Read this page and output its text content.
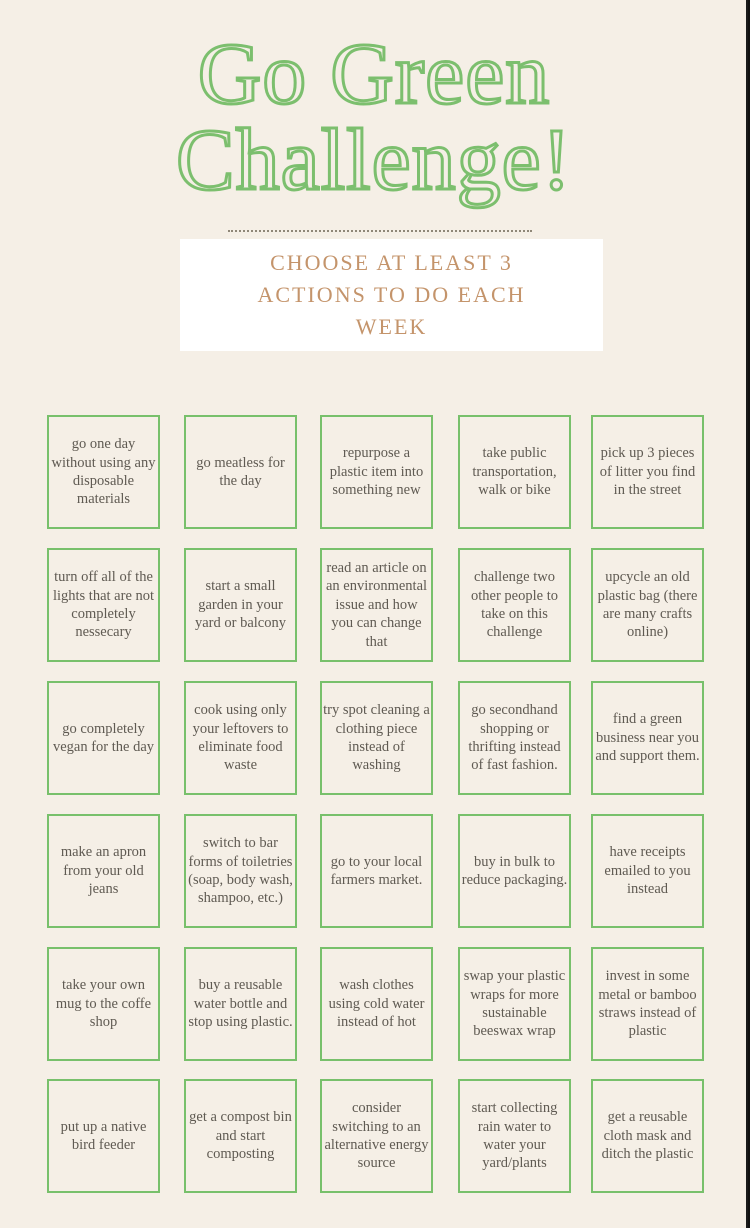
Go Green
Challenge!
CHOOSE AT LEAST 3 ACTIONS TO DO EACH WEEK
go one day without using any disposable materials
go meatless for the day
repurpose a plastic item into something new
take public transportation, walk or bike
pick up 3 pieces of litter you find in the street
turn off all of the lights that are not completely nessecary
start a small garden in your yard or balcony
read an article on an environmental issue and how you can change that
challenge two other people to take on this challenge
upcycle an old plastic bag (there are many crafts online)
go completely vegan for the day
cook using only your leftovers to eliminate food waste
try spot cleaning a clothing piece instead of washing
go secondhand shopping or thrifting instead of fast fashion.
find a green business near you and support them.
make an apron from your old jeans
switch to bar forms of toiletries (soap, body wash, shampoo, etc.)
go to your local farmers market.
buy in bulk to reduce packaging.
have receipts emailed to you instead
take your own mug to the coffe shop
buy a reusable water bottle and stop using plastic.
wash clothes using cold water instead of hot
swap your plastic wraps for more sustainable beeswax wrap
invest in some metal or bamboo straws instead of plastic
put up a native bird feeder
get a compost bin and start composting
consider switching to an alternative energy source
start collecting rain water to water your yard/plants
get a reusable cloth mask and ditch the plastic
